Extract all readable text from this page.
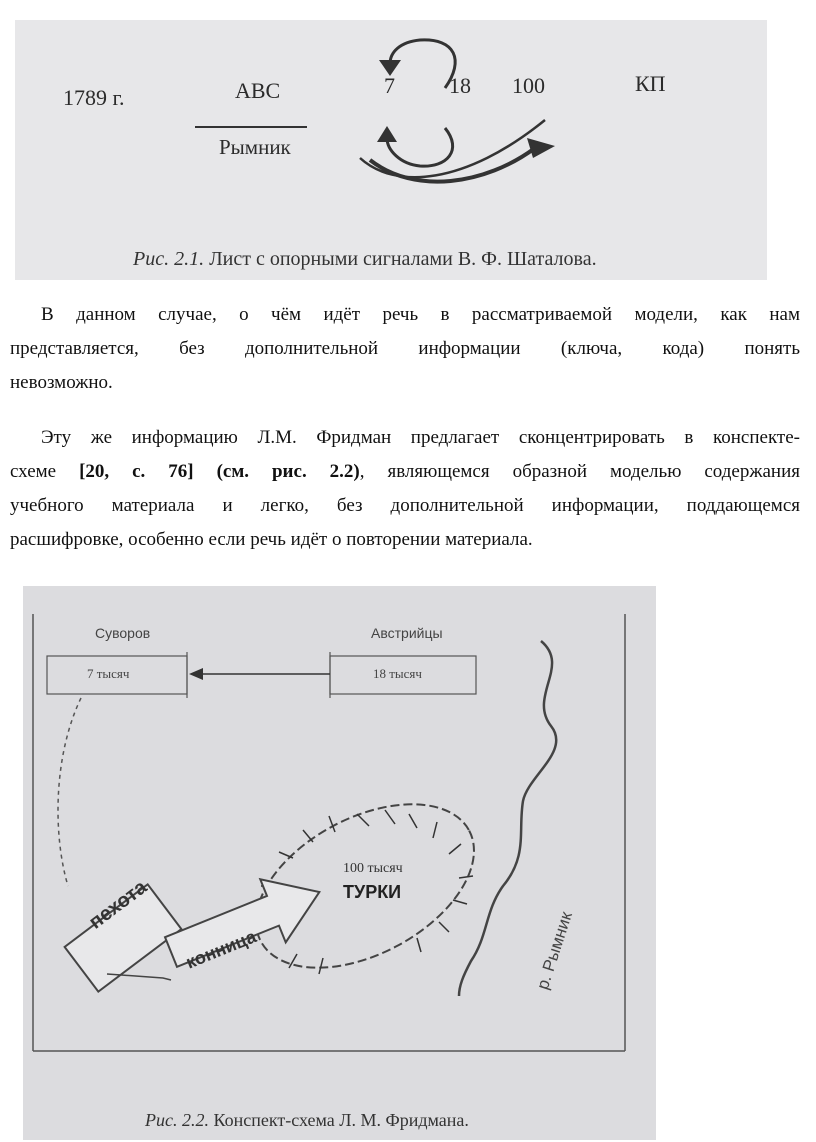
1789 г.	АВС
Рымник
7 18 100	КП
Рис. 2.1. Лист с опорными сигналами В. Ф. Шаталова.
В данном случае, о чём идёт речь в рассматриваемой модели, как нам
представляется, без дополнительной информации (ключа, кода) понять
невозможно.
Эту же информацию Л.М. Фридман предлагает сконцентрировать в конспекте-
схеме [20, с. 76] (см. рис. 2.2), являющемся образной моделью содержания
учебного материала и легко, без дополнительной информации, поддающемся
расшифровке, особенно если речь идёт о повторении материала.
Суворов
7 тысяч
Австрийцы
18 тысяч
100 тысяч
ТУРКИ
пехота
конница	р. Рымник
Рис. 2.2. Конспект-схема Л. М. Фридмана.
